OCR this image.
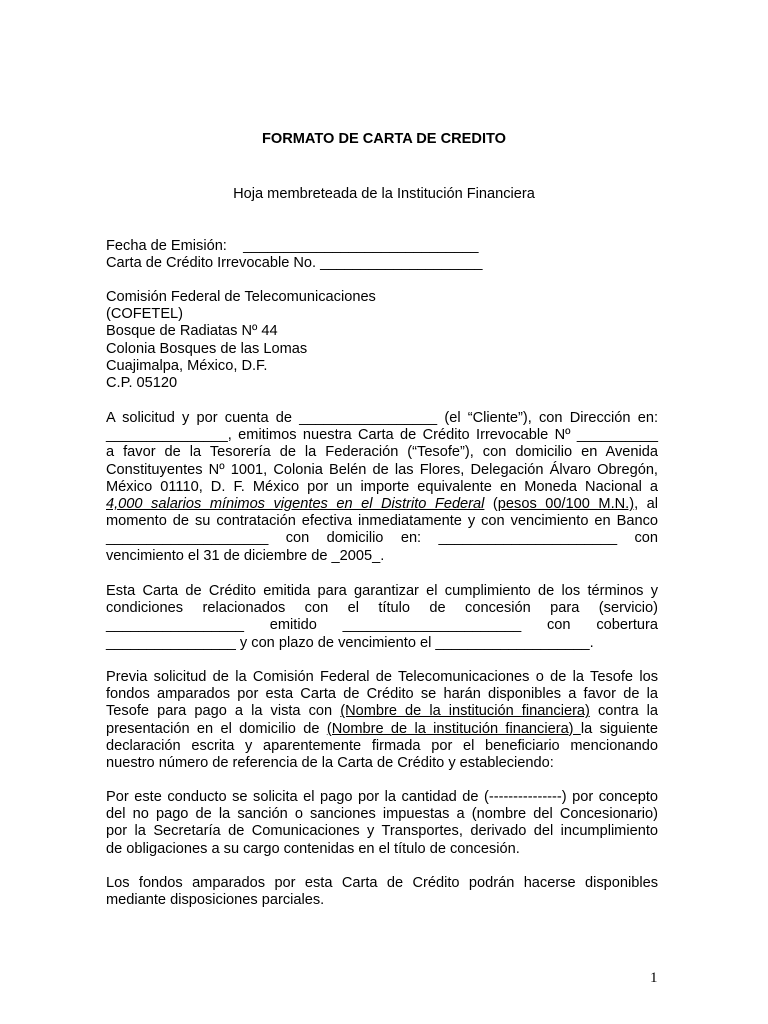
FORMATO DE CARTA DE CREDITO
Hoja membreteada de la Institución Financiera
Fecha de Emisión:    _____________________________
Carta de Crédito Irrevocable No. ____________________
Comisión Federal de Telecomunicaciones
(COFETEL)
Bosque de Radiatas Nº 44
Colonia Bosques de las Lomas
Cuajimalpa, México, D.F.
C.P. 05120
A solicitud y por cuenta de _________________ (el “Cliente”), con Dirección en:
_______________, emitimos nuestra Carta de Crédito Irrevocable Nº __________
a favor de la Tesorería de la Federación (“Tesofe”), con domicilio en Avenida
Constituyentes Nº 1001, Colonia Belén de las Flores, Delegación Álvaro Obregón,
México 01110, D. F. México por un importe equivalente en Moneda Nacional a
4,000 salarios mínimos vigentes en el Distrito Federal (pesos 00/100 M.N.), al
momento de su contratación efectiva inmediatamente y con vencimiento en Banco
____________________ con domicilio en: ______________________ con
vencimiento el 31 de diciembre de _2005_.
Esta Carta de Crédito emitida para garantizar el cumplimiento de los términos y
condiciones relacionados con el título de concesión para (servicio)
_________________ emitido ______________________ con cobertura
________________ y con plazo de vencimiento el ___________________.
Previa solicitud de la Comisión Federal de Telecomunicaciones o de la Tesofe los
fondos amparados por esta Carta de Crédito se harán disponibles a favor de la
Tesofe para pago a la vista con (Nombre de la institución financiera) contra la
presentación en el domicilio de (Nombre de la institución financiera) la siguiente
declaración escrita y aparentemente firmada por el beneficiario mencionando
nuestro número de referencia de la Carta de Crédito y estableciendo:
Por este conducto se solicita el pago por la cantidad de (---------------) por concepto
del no pago de la sanción o sanciones impuestas a (nombre del Concesionario)
por la Secretaría de Comunicaciones y Transportes, derivado del incumplimiento
de obligaciones a su cargo contenidas en el título de concesión.
Los fondos amparados por esta Carta de Crédito podrán hacerse disponibles
mediante disposiciones parciales.
1
